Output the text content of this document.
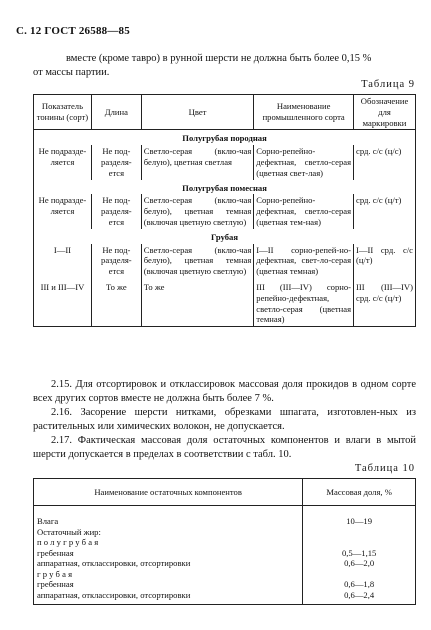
С. 12 ГОСТ 26588—85
вместе (кроме тавро) в рунной шерсти не должна быть более 0,15 %
от массы партии.
Таблица 9
Показатель тонины (сорт)	Длина	Цвет	Наименование промышленного сорта	Обозначение для маркировки
Полугрубая породная				
Не подразде-ляется	Не под-разделя-ется	Светло-серая (вклю-чая белую), цветная светлая	Сорно-репейно-дефектная, светло-серая (цветная свет-лая)	срд. с/с (ц/с)
Полугрубая помесная				
Не подразде-ляется	Не под-разделя-ется	Светло-серая (вклю-чая белую), цветная темная (включая цветную светлую)	Сорно-репейно-дефектная, светло-серая (цветная тем-ная)	срд. с/с (ц/т)
Грубая				
I—II	Не под-разделя-ется	Светло-серая (вклю-чая белую), цветная темная (включая цветную светлую)	I—II сорно-репей-но-дефектная, свет-ло-серая (цветная темная)	I—II срд. с/с (ц/т)
III и III—IV	То же	То же	III (III—IV) сорно-репейно-дефектная, светло-серая (цветная темная)	III (III—IV) срд. с/с (ц/т)
2.15. Для отсортировок и отклассировок массовая доля прокидов в одном сорте всех других сортов вместе не должна быть более 7 %.
2.16. Засорение шерсти нитками, обрезками шпагата, изготовлен-ных из растительных или химических волокон, не допускается.
2.17. Фактическая массовая доля остаточных компонентов и влаги в мытой шерсти допускается в пределах в соответствии с табл. 10.
Таблица 10
Наименование остаточных компонентов	Массовая доля, %
Влага	10—19
Остаточный жир:	
полугрубая	
гребенная	0,5—1,15
аппаратная, отклассировки, отсортировки	0,6—2,0
грубая	
гребенная	0,6—1,8
аппаратная, отклассировки, отсортировки	0,6—2,4
